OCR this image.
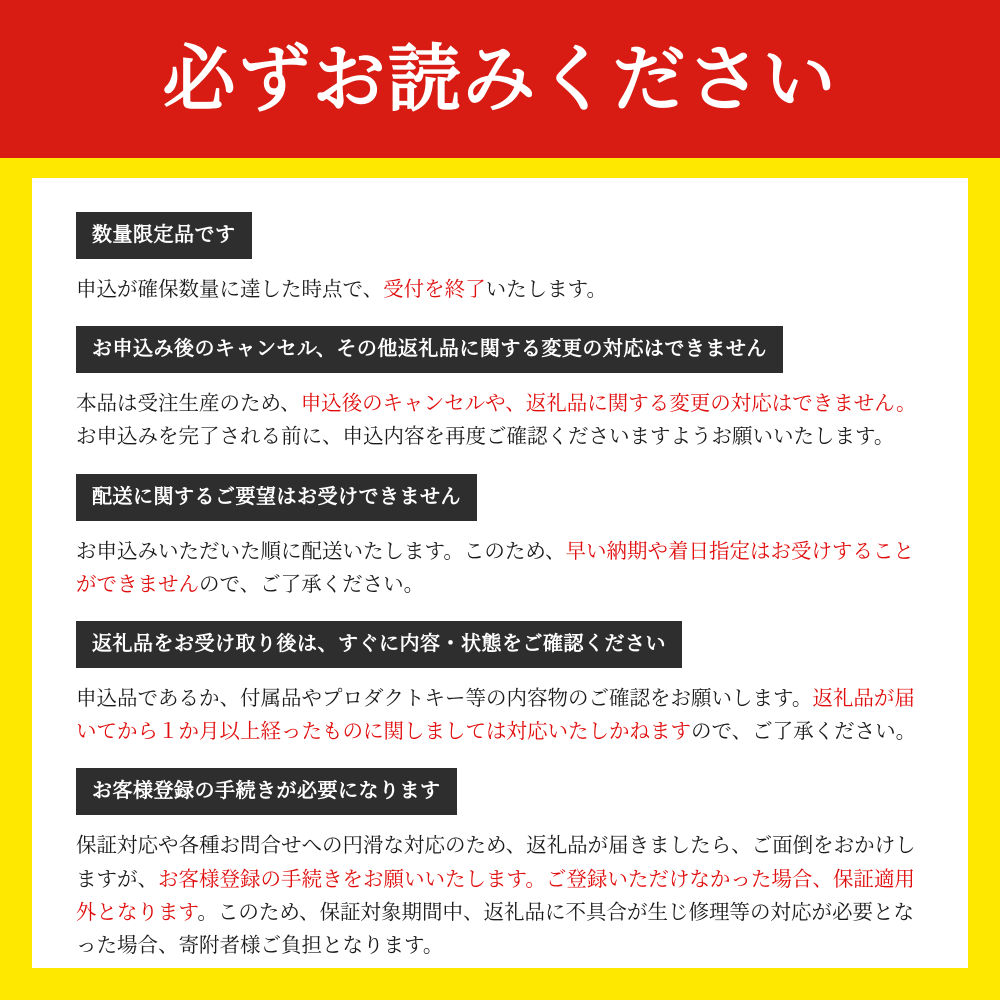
必ずお読みください
数量限定品です

申込が確保数量に達した時点で、受付を終了いたします。

お申込み後のキャンセル、その他返礼品に関する変更の対応はできません

本品は受注生産のため、申込後のキャンセルや、返礼品に関する変更の対応はできません。お申込みを完了される前に、申込内容を再度ご確認くださいますようお願いいたします。

配送に関するご要望はお受けできません

お申込みいただいた順に配送いたします。このため、早い納期や着日指定はお受けすることができませんので、ご了承ください。

返礼品をお受け取り後は、すぐに内容・状態をご確認ください

申込品であるか、付属品やプロダクトキー等の内容物のご確認をお願いします。返礼品が届いてから１か月以上経ったものに関しましては対応いたしかねますので、ご了承ください。

お客様登録の手続きが必要になります

保証対応や各種お問合せへの円滑な対応のため、返礼品が届きましたら、ご面倒をおかけしますが、お客様登録の手続きをお願いいたします。ご登録いただけなかった場合、保証適用外となります。このため、保証対象期間中、返礼品に不具合が生じ修理等の対応が必要となった場合、寄附者様ご負担となります。
